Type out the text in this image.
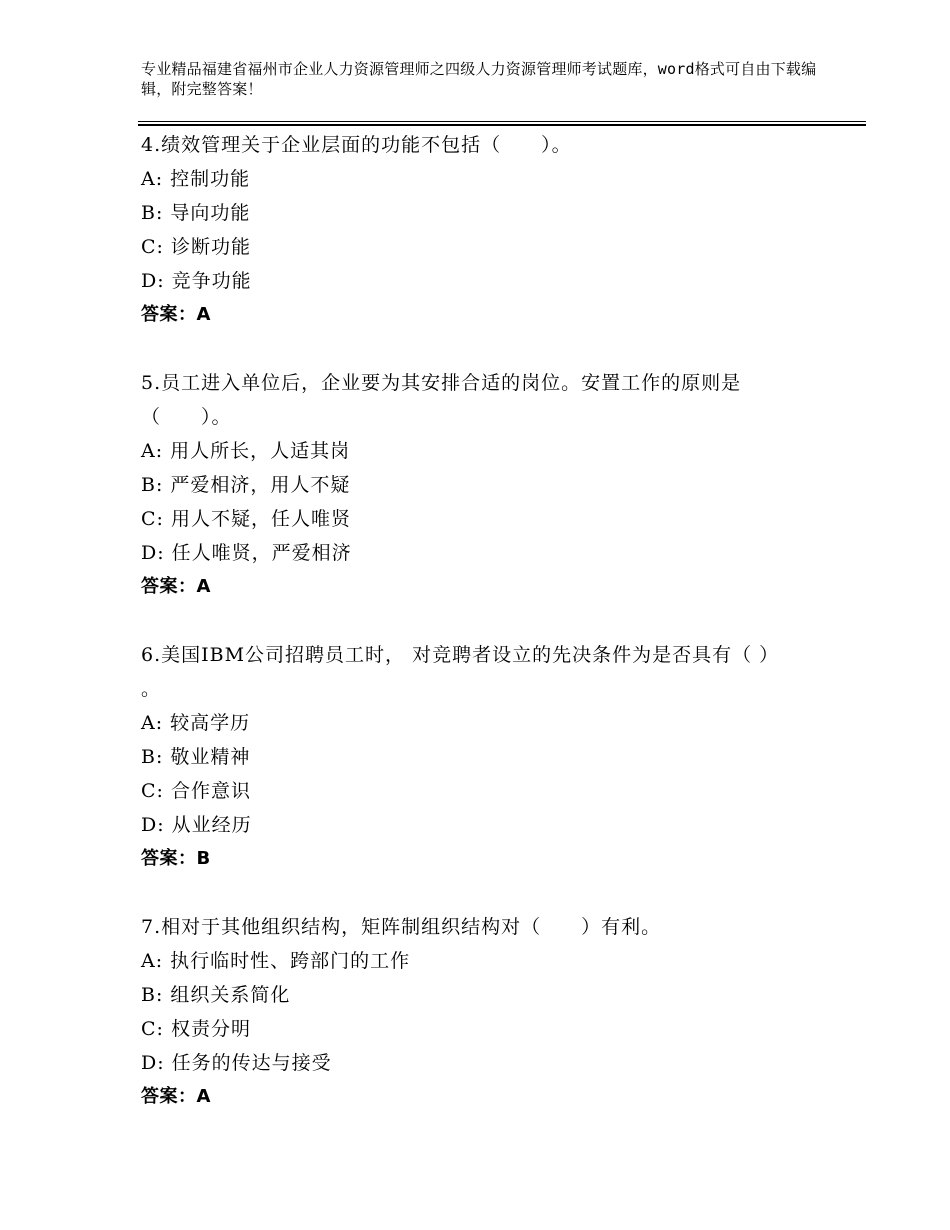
专业精品福建省福州市企业人力资源管理师之四级人力资源管理师考试题库，word格式可自由下载编辑，附完整答案！
4.绩效管理关于企业层面的功能不包括（　　）。
A: 控制功能
B: 导向功能
C: 诊断功能
D: 竞争功能
答案：A
5.员工进入单位后，企业要为其安排合适的岗位。安置工作的原则是（　　）。
A: 用人所长，人适其岗
B: 严爱相济，用人不疑
C: 用人不疑，任人唯贤
D: 任人唯贤，严爱相济
答案：A
6.美国IBM公司招聘员工时， 对竞聘者设立的先决条件为是否具有（ ） 。
A: 较高学历
B: 敬业精神
C: 合作意识
D: 从业经历
答案：B
7.相对于其他组织结构，矩阵制组织结构对（　　）有利。
A: 执行临时性、跨部门的工作
B: 组织关系简化
C: 权责分明
D: 任务的传达与接受
答案：A
